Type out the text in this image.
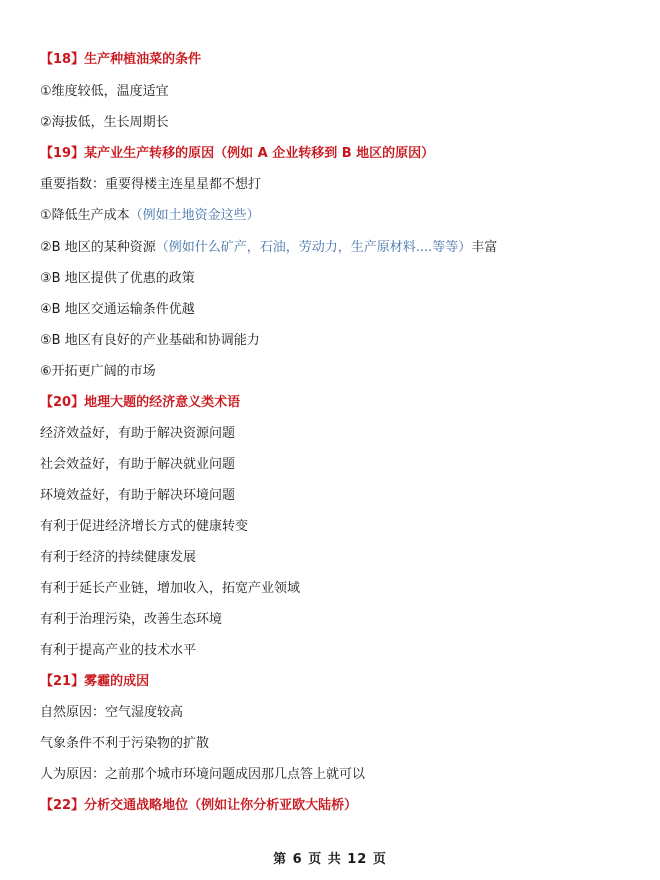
【18】生产种植油菜的条件
①维度较低，温度适宜
②海拔低，生长周期长
【19】某产业生产转移的原因（例如 A 企业转移到 B 地区的原因）
重要指数：重要得楼主连星星都不想打
①降低生产成本（例如土地资金这些）
②B 地区的某种资源（例如什么矿产，石油，劳动力，生产原材料....等等）丰富
③B 地区提供了优惠的政策
④B 地区交通运输条件优越
⑤B 地区有良好的产业基础和协调能力
⑥开拓更广阔的市场
【20】地理大题的经济意义类术语
经济效益好，有助于解决资源问题
社会效益好，有助于解决就业问题
环境效益好，有助于解决环境问题
有利于促进经济增长方式的健康转变
有利于经济的持续健康发展
有利于延长产业链，增加收入，拓宽产业领域
有利于治理污染，改善生态环境
有利于提高产业的技术水平
【21】雾霾的成因
自然原因：空气湿度较高
气象条件不利于污染物的扩散
人为原因：之前那个城市环境问题成因那几点答上就可以
【22】分析交通战略地位（例如让你分析亚欧大陆桥）
第 6 页 共 12 页
